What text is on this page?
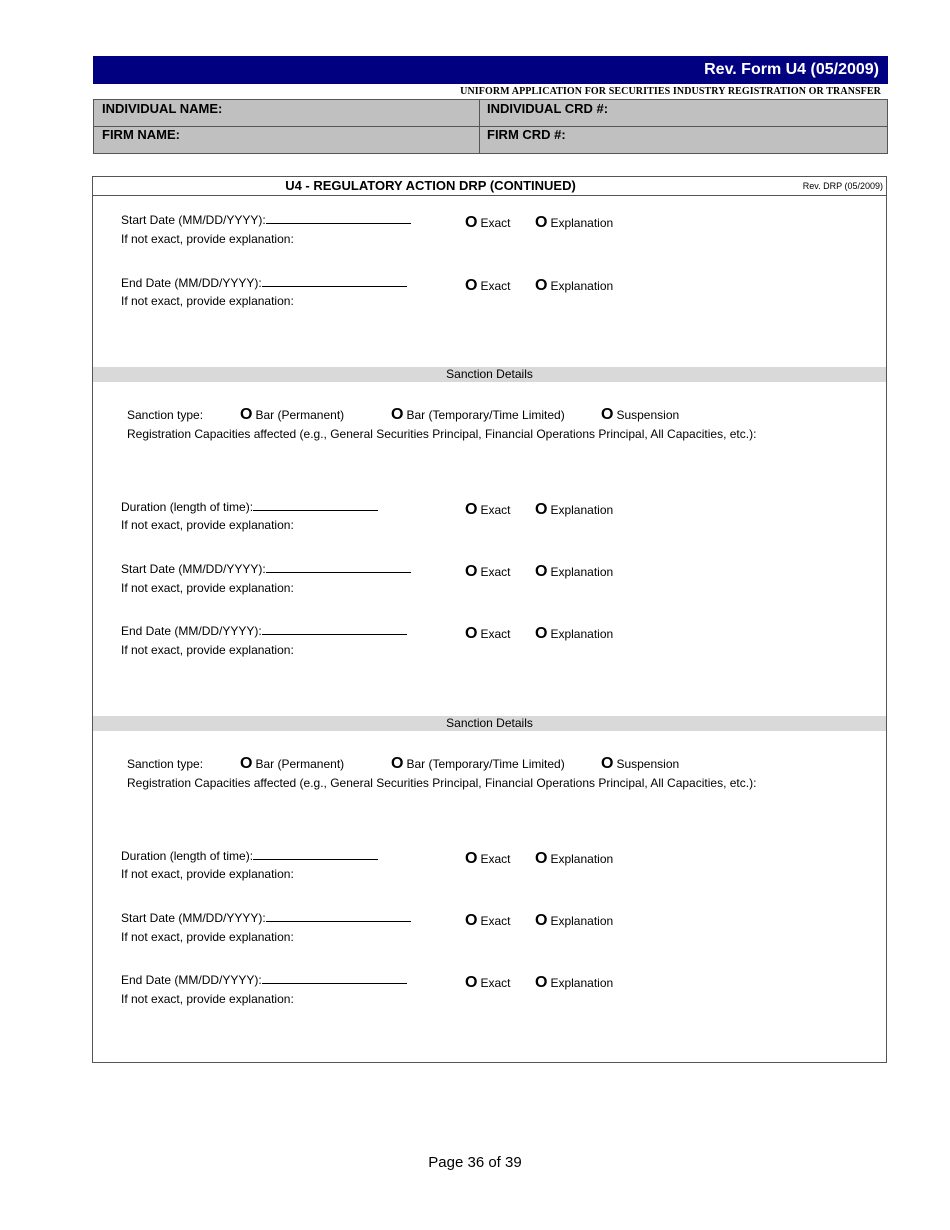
Rev. Form U4 (05/2009)
UNIFORM APPLICATION FOR SECURITIES INDUSTRY REGISTRATION OR TRANSFER
INDIVIDUAL NAME:	INDIVIDUAL CRD #:
FIRM NAME:	FIRM CRD #:
U4 - REGULATORY ACTION DRP (CONTINUED)	Rev. DRP (05/2009)
Start Date (MM/DD/YYYY):
If not exact, provide explanation:
O Exact O Explanation
End Date (MM/DD/YYYY):
If not exact, provide explanation:
O Exact O Explanation
Sanction Details
Sanction type: O Bar (Permanent)	O Bar (Temporary/Time Limited) O Suspension
Registration Capacities affected (e.g., General Securities Principal, Financial Operations Principal, All Capacities, etc.):
Duration (length of time):
If not exact, provide explanation:
O Exact O Explanation
Start Date (MM/DD/YYYY):
If not exact, provide explanation:
O Exact O Explanation
End Date (MM/DD/YYYY):
If not exact, provide explanation:
O Exact O Explanation
Sanction Details
Sanction type: O Bar (Permanent)	O Bar (Temporary/Time Limited) O Suspension
Registration Capacities affected (e.g., General Securities Principal, Financial Operations Principal, All Capacities, etc.):
Duration (length of time):
If not exact, provide explanation:
O Exact O Explanation
Start Date (MM/DD/YYYY):
If not exact, provide explanation:
O Exact O Explanation
End Date (MM/DD/YYYY):
If not exact, provide explanation:
O Exact O Explanation
Page 36 of 39
